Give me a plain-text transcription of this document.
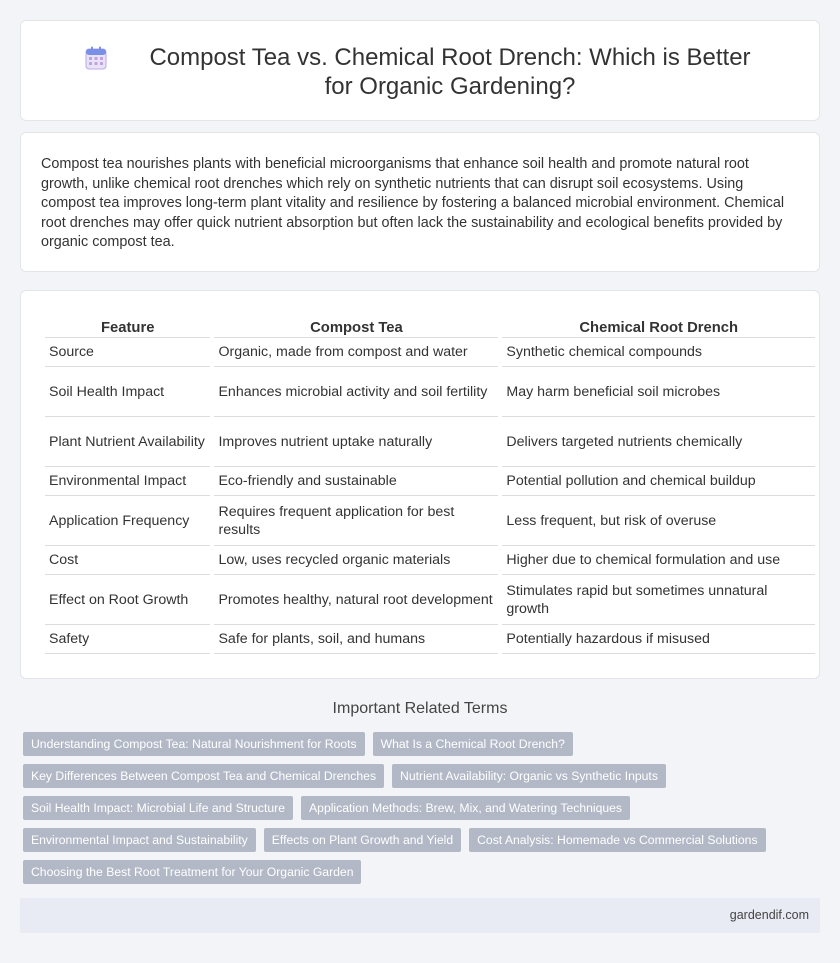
Compost Tea vs. Chemical Root Drench: Which is Better for Organic Gardening?

Compost tea nourishes plants with beneficial microorganisms that enhance soil health and promote natural root growth, unlike chemical root drenches which rely on synthetic nutrients that can disrupt soil ecosystems. Using compost tea improves long-term plant vitality and resilience by fostering a balanced microbial environment. Chemical root drenches may offer quick nutrient absorption but often lack the sustainability and ecological benefits provided by organic compost tea.

Feature	Compost Tea	Chemical Root Drench
Source	Organic, made from compost and water	Synthetic chemical compounds
Soil Health Impact	Enhances microbial activity and soil fertility	May harm beneficial soil microbes
Plant Nutrient Availability	Improves nutrient uptake naturally	Delivers targeted nutrients chemically
Environmental Impact	Eco-friendly and sustainable	Potential pollution and chemical buildup
Application Frequency	Requires frequent application for best results	Less frequent, but risk of overuse
Cost	Low, uses recycled organic materials	Higher due to chemical formulation and use
Effect on Root Growth	Promotes healthy, natural root development	Stimulates rapid but sometimes unnatural growth
Safety	Safe for plants, soil, and humans	Potentially hazardous if misused
Important Related Terms
Understanding Compost Tea: Natural Nourishment for Roots	What Is a Chemical Root Drench?
Key Differences Between Compost Tea and Chemical Drenches	Nutrient Availability: Organic vs Synthetic Inputs
Soil Health Impact: Microbial Life and Structure	Application Methods: Brew, Mix, and Watering Techniques
Environmental Impact and Sustainability	Effects on Plant Growth and Yield	Cost Analysis: Homemade vs Commercial Solutions
Choosing the Best Root Treatment for Your Organic Garden
gardendif.com
